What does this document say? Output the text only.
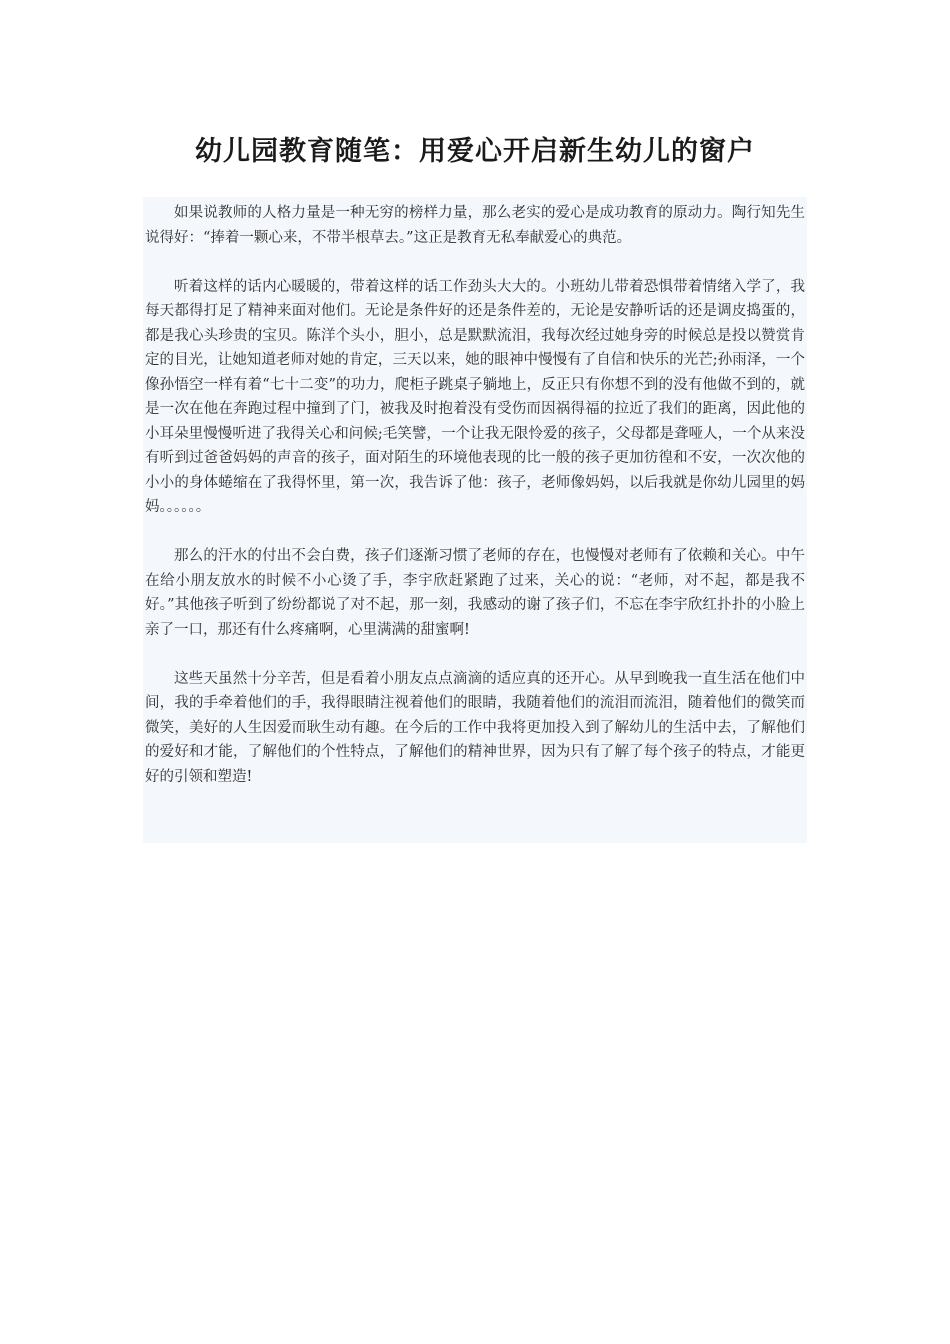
幼儿园教育随笔：用爱心开启新生幼儿的窗户

如果说教师的人格力量是一种无穷的榜样力量，那么老实的爱心是成功教育的原动力。陶行知先生说得好：“捧着一颗心来，不带半根草去。”这正是教育无私奉献爱心的典范。

听着这样的话内心暖暖的，带着这样的话工作劲头大大的。小班幼儿带着恐惧带着情绪入学了，我每天都得打足了精神来面对他们。无论是条件好的还是条件差的，无论是安静听话的还是调皮捣蛋的，都是我心头珍贵的宝贝。陈洋个头小，胆小，总是默默流泪，我每次经过她身旁的时候总是投以赞赏肯定的目光，让她知道老师对她的肯定，三天以来，她的眼神中慢慢有了自信和快乐的光芒;孙雨泽，一个像孙悟空一样有着“七十二变”的功力，爬柜子跳桌子躺地上，反正只有你想不到的没有他做不到的，就是一次在他在奔跑过程中撞到了门，被我及时抱着没有受伤而因祸得福的拉近了我们的距离，因此他的小耳朵里慢慢听进了我得关心和问候;毛笑譬，一个让我无限怜爱的孩子，父母都是聋哑人，一个从来没有听到过爸爸妈妈的声音的孩子，面对陌生的环境他表现的比一般的孩子更加彷徨和不安，一次次他的小小的身体蜷缩在了我得怀里，第一次，我告诉了他：孩子，老师像妈妈，以后我就是你幼儿园里的妈妈。。。。。。

那么的汗水的付出不会白费，孩子们逐渐习惯了老师的存在，也慢慢对老师有了依赖和关心。中午在给小朋友放水的时候不小心烫了手，李宇欣赶紧跑了过来，关心的说：“老师，对不起，都是我不好。”其他孩子听到了纷纷都说了对不起，那一刻，我感动的谢了孩子们，不忘在李宇欣红扑扑的小脸上亲了一口，那还有什么疼痛啊，心里满满的甜蜜啊!

这些天虽然十分辛苦，但是看着小朋友点点滴滴的适应真的还开心。从早到晚我一直生活在他们中间，我的手牵着他们的手，我得眼睛注视着他们的眼睛，我随着他们的流泪而流泪，随着他们的微笑而微笑，美好的人生因爱而耿生动有趣。在今后的工作中我将更加投入到了解幼儿的生活中去，了解他们的爱好和才能，了解他们的个性特点，了解他们的精神世界，因为只有了解了每个孩子的特点，才能更好的引领和塑造!
